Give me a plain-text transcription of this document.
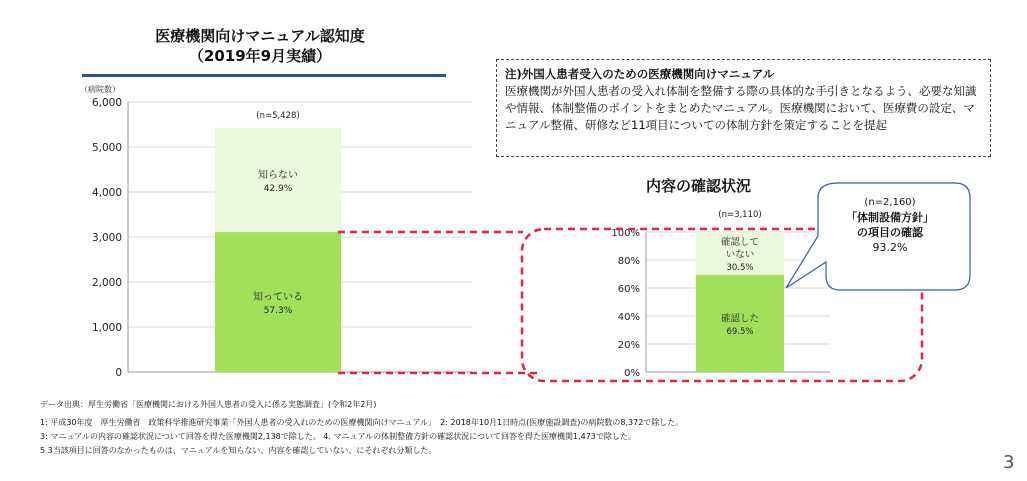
医療機関向けマニュアル認知度
（2019年9月実績）
注)外国人患者受入のための医療機関向けマニュアル
医療機関が外国人患者の受入れ体制を整備する際の具体的な手引きとなるよう、必要な知識や情報、体制整備のポイントをまとめたマニュアル。医療機関において、医療費の設定、マニュアル整備、研修など11項目についての体制方針を策定することを提起
内容の確認状況
0
1,000
2,000
3,000
4,000
5,000
6,000
（病院数）
知っている
57.3%
知らない
42.9%
(n=5,428)
0%
20%
40%
60%
80%
100%
確認した
69.5%
確認して
いない
30.5%
(n=3,110)
(n=2,160)
「体制設備方針」
の項目の確認
93.2%
データ出典：厚生労働省「医療機関における外国人患者の受入に係る実態調査」(令和2年2月)
1: 平成30年度　厚生労働省　政策科学推進研究事業「外国人患者の受入れのための医療機関向けマニュアル」　2: 2018年10月1日時点(医療施設調査)の病院数の8,372で除した。
3: マニュアルの内容の確認状況について回答を得た医療機関2,138で除した。 4. マニュアルの体制整備方針の確認状況について回答を得た医療機関1,473で除した。
5 3当該項目に回答のなかったものは、マニュアルを知らない、内容を確認していない、にそれぞれ分類した。
3
